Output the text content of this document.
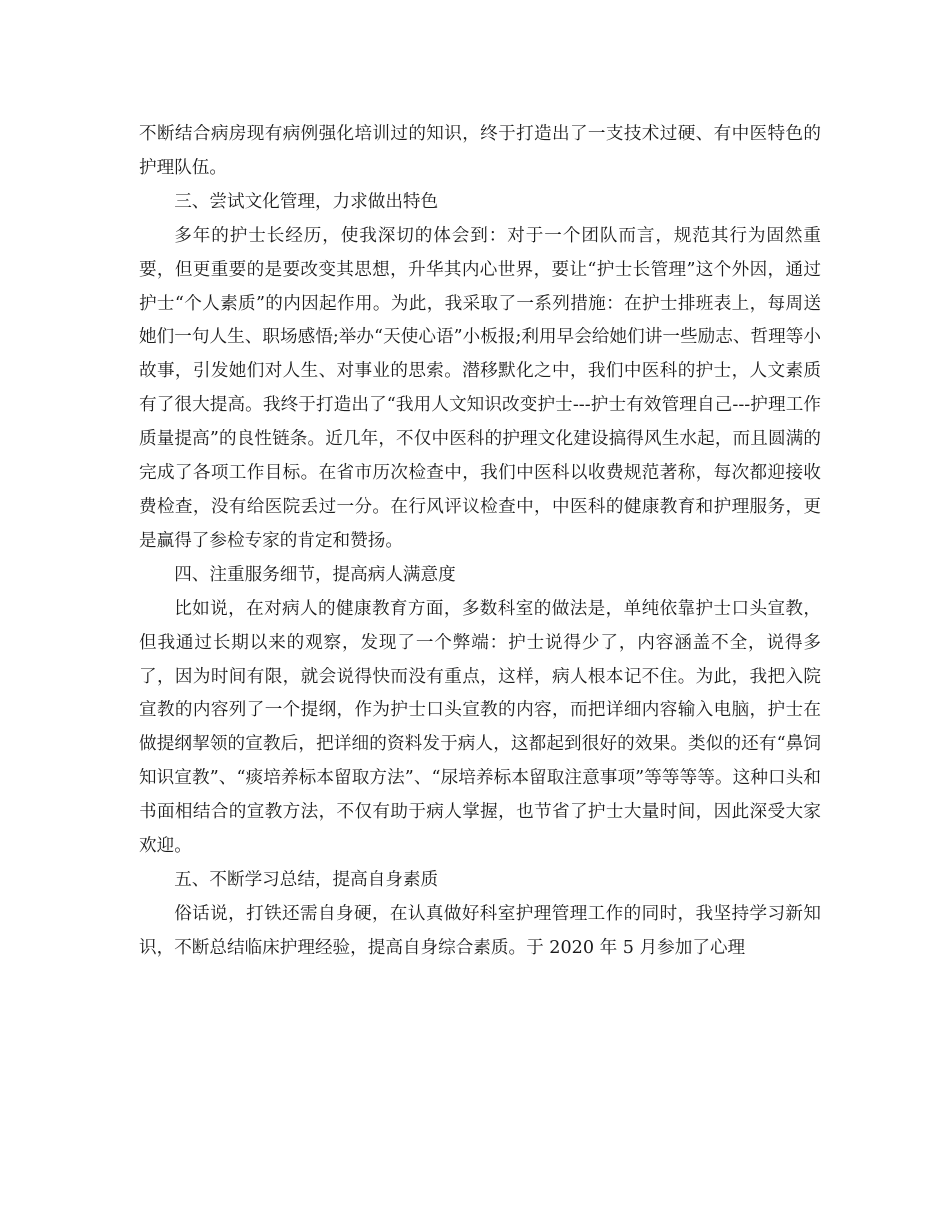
不断结合病房现有病例强化培训过的知识，终于打造出了一支技术过硬、有中医特色的护理队伍。

三、尝试文化管理，力求做出特色

多年的护士长经历，使我深切的体会到：对于一个团队而言，规范其行为固然重要，但更重要的是要改变其思想，升华其内心世界，要让“护士长管理”这个外因，通过护士“个人素质”的内因起作用。为此，我采取了一系列措施：在护士排班表上，每周送她们一句人生、职场感悟;举办“天使心语”小板报;利用早会给她们讲一些励志、哲理等小故事，引发她们对人生、对事业的思索。潜移默化之中，我们中医科的护士，人文素质有了很大提高。我终于打造出了“我用人文知识改变护士---护士有效管理自己---护理工作质量提高”的良性链条。近几年，不仅中医科的护理文化建设搞得风生水起，而且圆满的完成了各项工作目标。在省市历次检查中，我们中医科以收费规范著称，每次都迎接收费检查，没有给医院丢过一分。在行风评议检查中，中医科的健康教育和护理服务，更是赢得了参检专家的肯定和赞扬。

四、注重服务细节，提高病人满意度

比如说，在对病人的健康教育方面，多数科室的做法是，单纯依靠护士口头宣教，但我通过长期以来的观察，发现了一个弊端：护士说得少了，内容涵盖不全，说得多了，因为时间有限，就会说得快而没有重点，这样，病人根本记不住。为此，我把入院宣教的内容列了一个提纲，作为护士口头宣教的内容，而把详细内容输入电脑，护士在做提纲挈领的宣教后，把详细的资料发于病人，这都起到很好的效果。类似的还有“鼻饲知识宣教”、“痰培养标本留取方法”、“尿培养标本留取注意事项”等等等等。这种口头和书面相结合的宣教方法，不仅有助于病人掌握，也节省了护士大量时间，因此深受大家欢迎。

五、不断学习总结，提高自身素质

俗话说，打铁还需自身硬，在认真做好科室护理管理工作的同时，我坚持学习新知识，不断总结临床护理经验，提高自身综合素质。于 2020 年 5 月参加了心理
